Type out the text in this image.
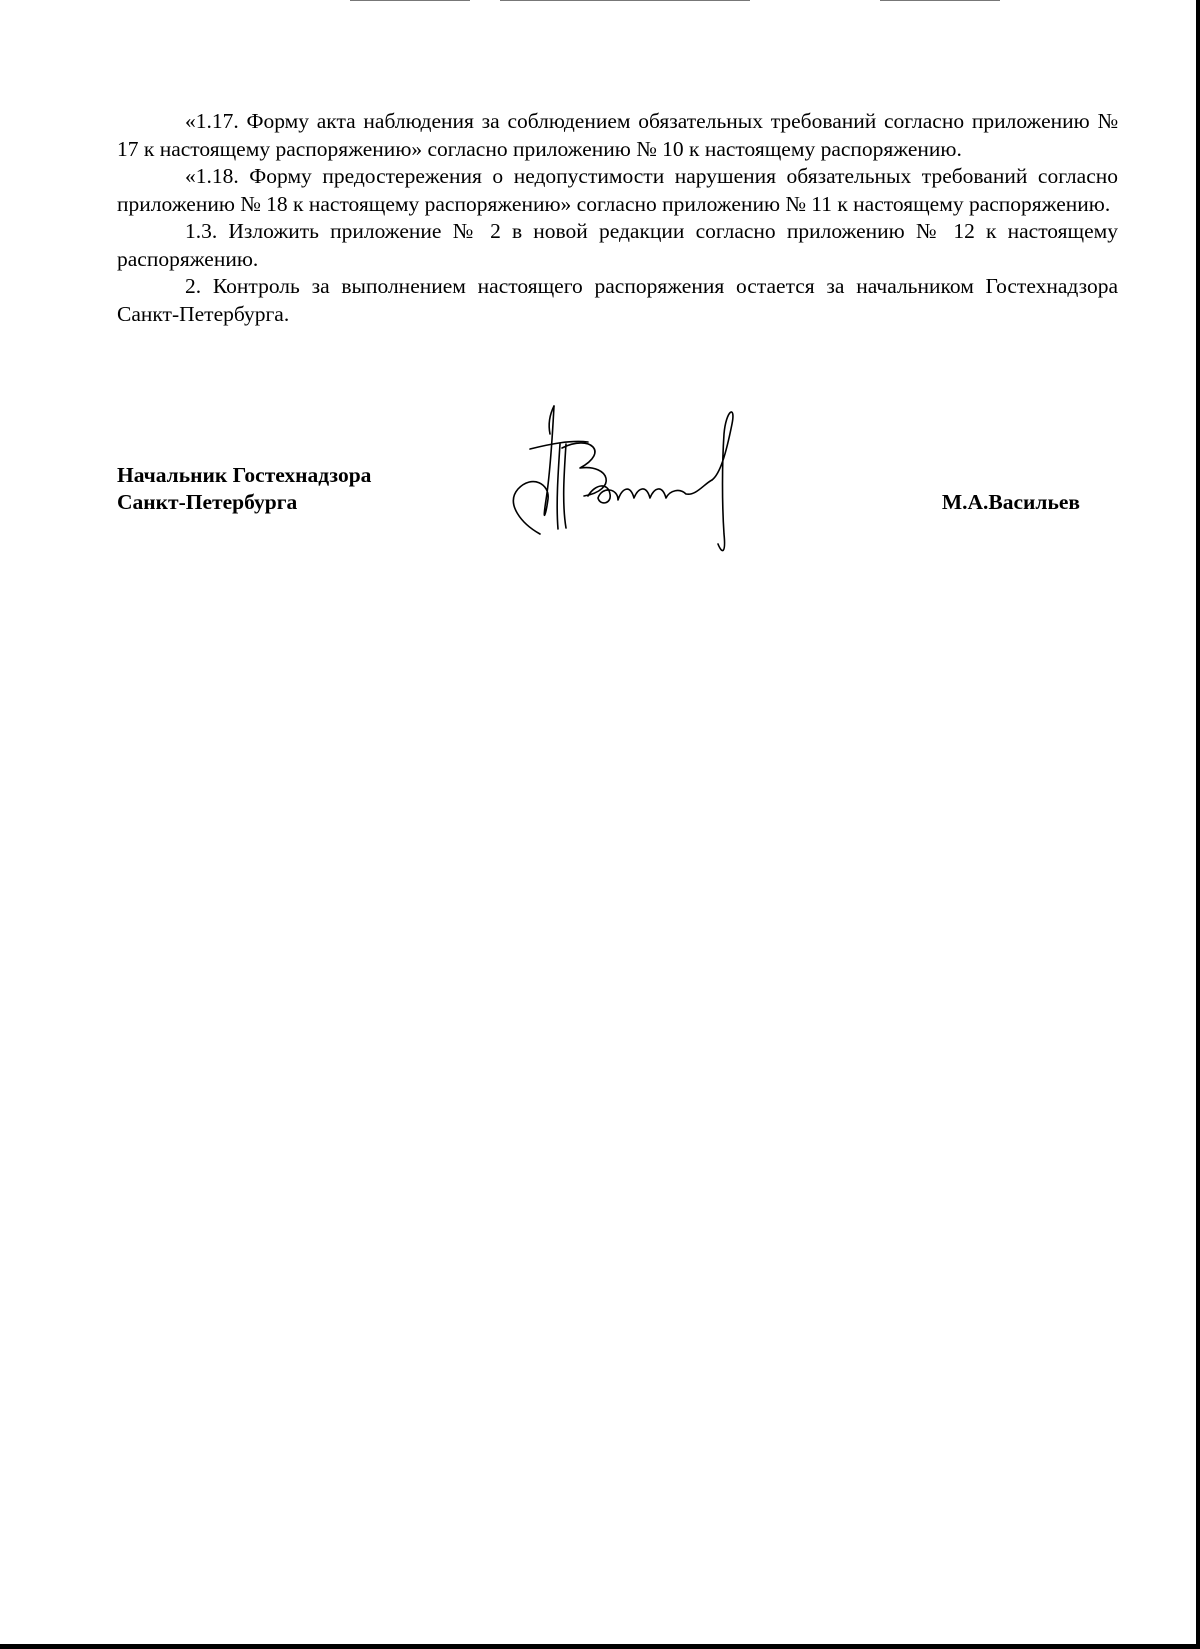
«1.17. Форму акта наблюдения за соблюдением обязательных требований согласно приложению № 17 к настоящему распоряжению» согласно приложению № 10 к настоящему распоряжению.

«1.18. Форму предостережения о недопустимости нарушения обязательных требований согласно приложению № 18 к настоящему распоряжению» согласно приложению № 11 к настоящему распоряжению.

1.3. Изложить приложение № 2 в новой редакции согласно приложению № 12 к настоящему распоряжению.

2. Контроль за выполнением настоящего распоряжения остается за начальником Гостехнадзора Санкт-Петербурга.

Начальник Гостехнадзора
Санкт-Петербурга	М.А.Васильев
